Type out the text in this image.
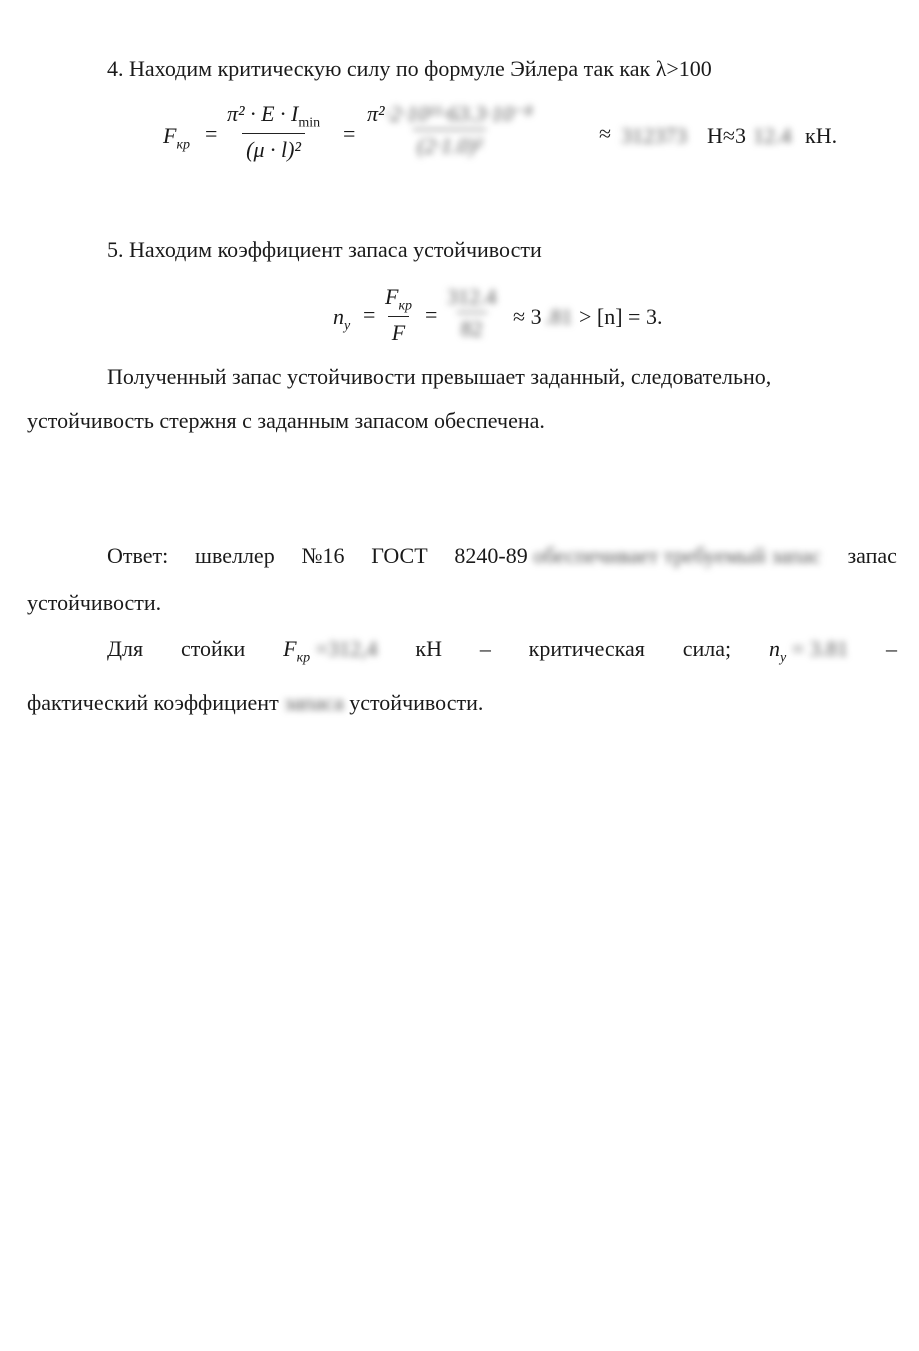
4. Находим критическую силу по формуле Эйлера так как λ>100
$F_{кр}$ =
$\pi^2 \cdot E \cdot I_{min}$
(μ · l)²
= $\frac{\text{π²·2·10¹¹·63.3·10⁻⁸}}{\text{(2·1.0)²}}$	≈ 312373 Н≈3 12.4 кН.
5. Находим коэффициент запаса устойчивости
$n_у$ =
$F_{кр}$
F
= $\frac{312.4}{82} \approx 3$ .81 > [n] = 3.
Полученный запас устойчивости превышает заданный, следовательно,
устойчивость стержня с заданным запасом обеспечена.
Ответ: швеллер №16 ГОСТ 8240-89 обеспечивает требуемый запас запас
устойчивости.
Для стойки $F_{кр} =312,4$ кН – критическая сила; $n_у = 3.81$ –
фактический коэффициент запаса устойчивости.
